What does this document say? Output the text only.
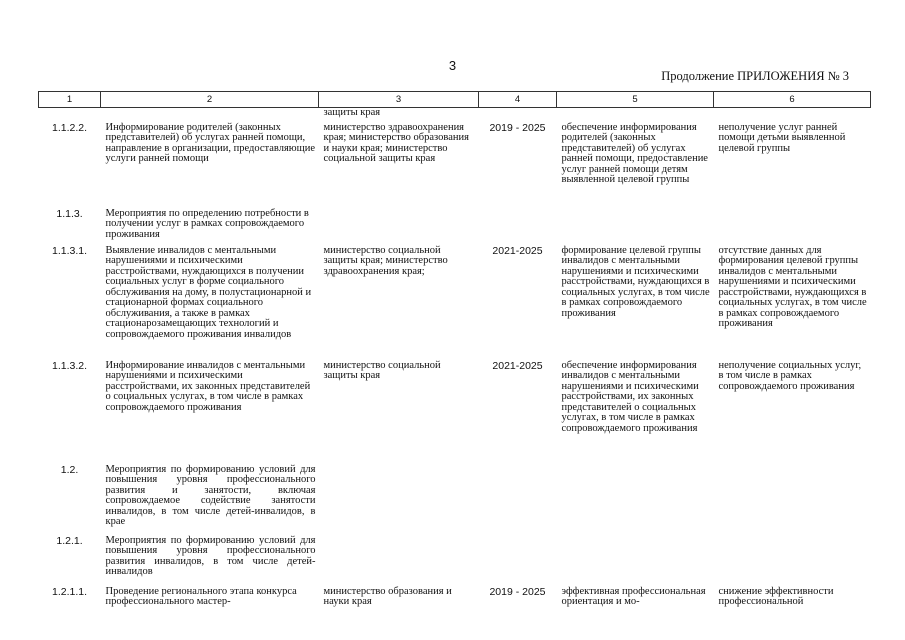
3
Продолжение ПРИЛОЖЕНИЯ № 3
1	2	3	4	5	6
		защиты края			
1.1.2.2.	Информирование родителей (законных представителей) об услугах ранней помощи, направление в организации, предоставляющие услуги ранней помощи	министерство здравоохранения края; министерство образования и науки края; министерство социальной защиты края	2019 - 2025	обеспечение информирования родителей (законных представителей) об услугах ранней помощи, предоставление услуг ранней помощи детям выявленной целевой группы	неполучение услуг ранней помощи детьми выявленной целевой группы
1.1.3.	Мероприятия по определению потребности в получении услуг в рамках сопровождаемого проживания				
1.1.3.1.	Выявление инвалидов с ментальными нарушениями и психическими расстройствами, нуждающихся в получении социальных услуг в форме социального обслуживания на дому, в полустационарной и стационарной формах социального обслуживания, а также в рамках стационарозамещающих технологий и сопровождаемого проживания инвалидов	министерство социальной защиты края; министерство здравоохранения края;	2021-2025	формирование целевой группы инвалидов с ментальными нарушениями и психическими расстройствами, нуждающихся в социальных услугах, в том числе в рамках сопровождаемого проживания	отсутствие данных для формирования целевой группы инвалидов с ментальными нарушениями и психическими расстройствами, нуждающихся в социальных услугах, в том числе в рамках сопровождаемого проживания
1.1.3.2.	Информирование инвалидов с ментальными нарушениями и психическими расстройствами, их законных представителей о социальных услугах, в том числе в рамках сопровождаемого проживания	министерство социальной защиты края	2021-2025	обеспечение информирования инвалидов с ментальными нарушениями и психическими расстройствами, их законных представителей о социальных услугах, в том числе в рамках сопровождаемого проживания	неполучение социальных услуг, в том числе в рамках сопровождаемого проживания
1.2.	Мероприятия по формированию условий для повышения уровня профессионального развития и занятости, включая сопровождаемое содействие занятости инвалидов, в том числе детей-инвалидов, в крае				
1.2.1.	Мероприятия по формированию условий для повышения уровня профессионального развития инвалидов, в том числе детей-инвалидов				
1.2.1.1.	Проведение регионального этапа конкурса профессионального мастер-	министерство образования и науки края	2019 - 2025	эффективная профессиональная ориентация и мо-	снижение эффективности профессиональной
